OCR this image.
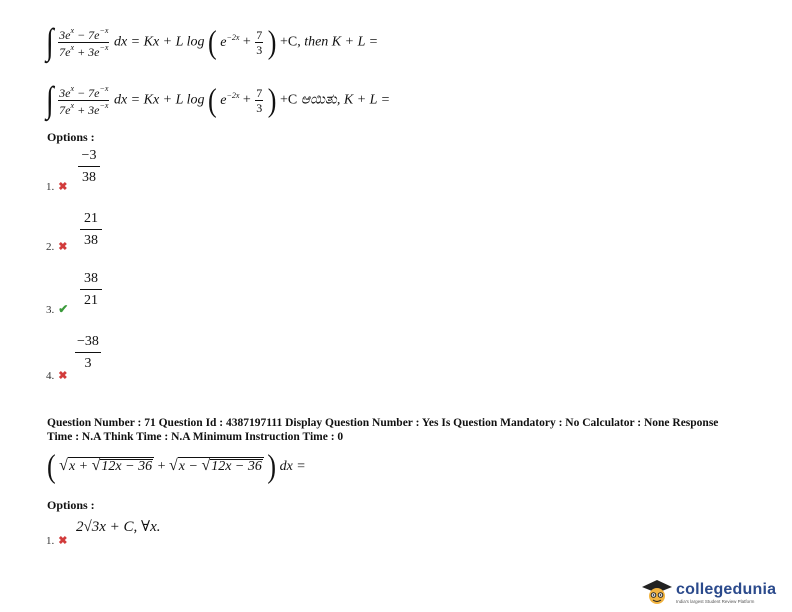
∫ $\frac{3e^x - 7e^{-x}}{7e^x + 3e^{-x}}$ dx = Kx + L log ( $e^{-2x} + \frac{7}{3}$ ) +C, then K + L =
∫ $\frac{3e^x - 7e^{-x}}{7e^x + 3e^{-x}}$ dx = Kx + L log ( $e^{-2x} + \frac{7}{3}$ ) +C ಆಯಿತು, K + L =
Options :
−3
38
1. ✖
21
38
2. ✖
38
21
3. ✔
−38
3
4. ✖
Question Number : 71 Question Id : 4387197111 Display Question Number : Yes Is Question Mandatory : No Calculator : None Response
Time : N.A Think Time : N.A Minimum Instruction Time : 0
( √x + √12x − 36 + √x − √12x − 36 ) dx =
Options :
2√3x + C, ∀x.
1. ✖
collegedunia
India's largest Student Review Platform
